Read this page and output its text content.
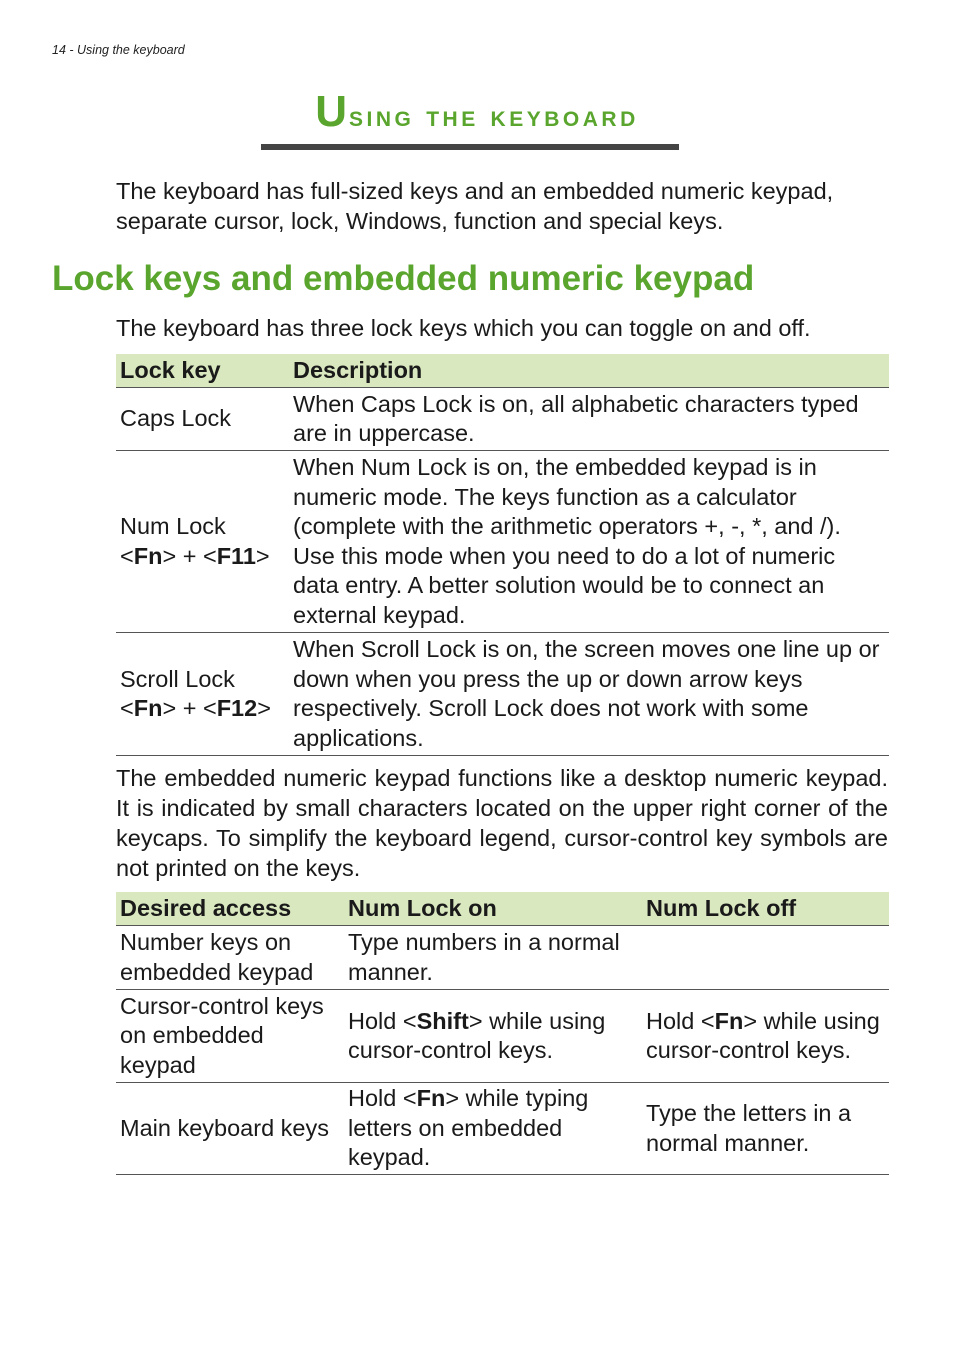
14 - Using the keyboard
Using the keyboard

The keyboard has full-sized keys and an embedded numeric keypad, separate cursor, lock, Windows, function and special keys.

Lock keys and embedded numeric keypad

The keyboard has three lock keys which you can toggle on and off.

Lock key	Description
Caps Lock	When Caps Lock is on, all alphabetic characters typed are in uppercase.
Num Lock
<Fn> + <F11>	When Num Lock is on, the embedded keypad is in numeric mode. The keys function as a calculator (complete with the arithmetic operators +, -, *, and /). Use this mode when you need to do a lot of numeric data entry. A better solution would be to connect an external keypad.
Scroll Lock
<Fn> + <F12>	When Scroll Lock is on, the screen moves one line up or down when you press the up or down arrow keys respectively. Scroll Lock does not work with some applications.

The embedded numeric keypad functions like a desktop numeric keypad. It is indicated by small characters located on the upper right corner of the keycaps. To simplify the keyboard legend, cursor-control key symbols are not printed on the keys.

Desired access	Num Lock on	Num Lock off
Number keys on embedded keypad	Type numbers in a normal manner.	
Cursor-control keys on embedded keypad	Hold <Shift> while using cursor-control keys.	Hold <Fn> while using cursor-control keys.
Main keyboard keys	Hold <Fn> while typing letters on embedded keypad.	Type the letters in a normal manner.
